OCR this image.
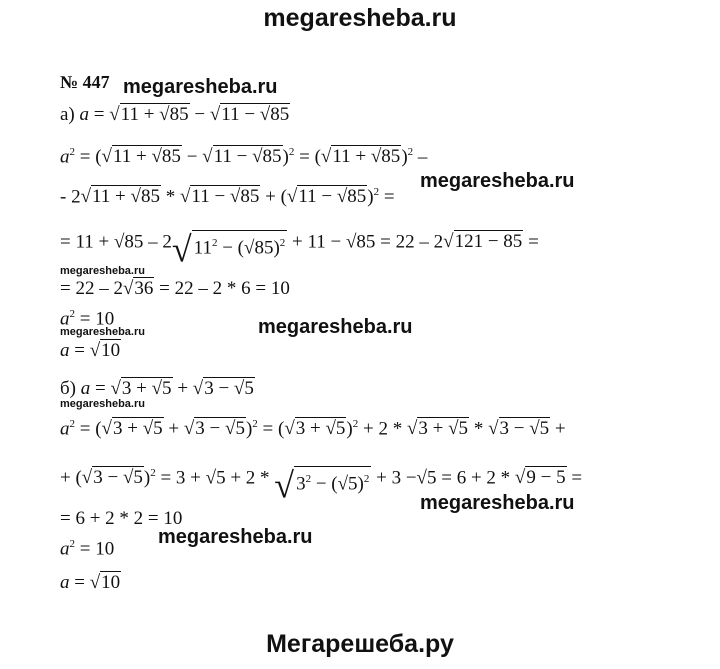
megaresheba.ru
№ 447 megaresheba.ru
а) a = √11 + √85 − √11 − √85
$a^2 = (√11 + √85 - √11 - √85)^2 = (√11 + √85)^2$ –
- $2√11 + √85 * √11 - √85 + (√11 - √85)^2$ =
megaresheba.ru
= 11 + √85 – 2√ $11^2 - (√85)^2 + 11 - √85 = 22 - 2√121 - 85$ =
megaresheba.ru
= 22 – 2√36 = 22 – 2 * 6 = 10
$a^2 = 10$
megaresheba.ru	megaresheba.ru
a = √10
б) a = √3 + √5 + √3 − √5
megaresheba.ru
$a^2 = (√3 + √5 + √3 - √5)^2 = (√3 + √5)^2 + 2 * √3 + √5 * √3 - √5$ +
+ $(√3 - √5)^2 = 3 + √5 + 2$ * √ $3^2 - (√5)^2 + 3 -√5 = 6 + 2 * √9 - 5$ =
megaresheba.ru
= 6 + 2 * 2 = 10
$a^2 = 10$
megaresheba.ru
a = √10
Мегарешеба.ру
